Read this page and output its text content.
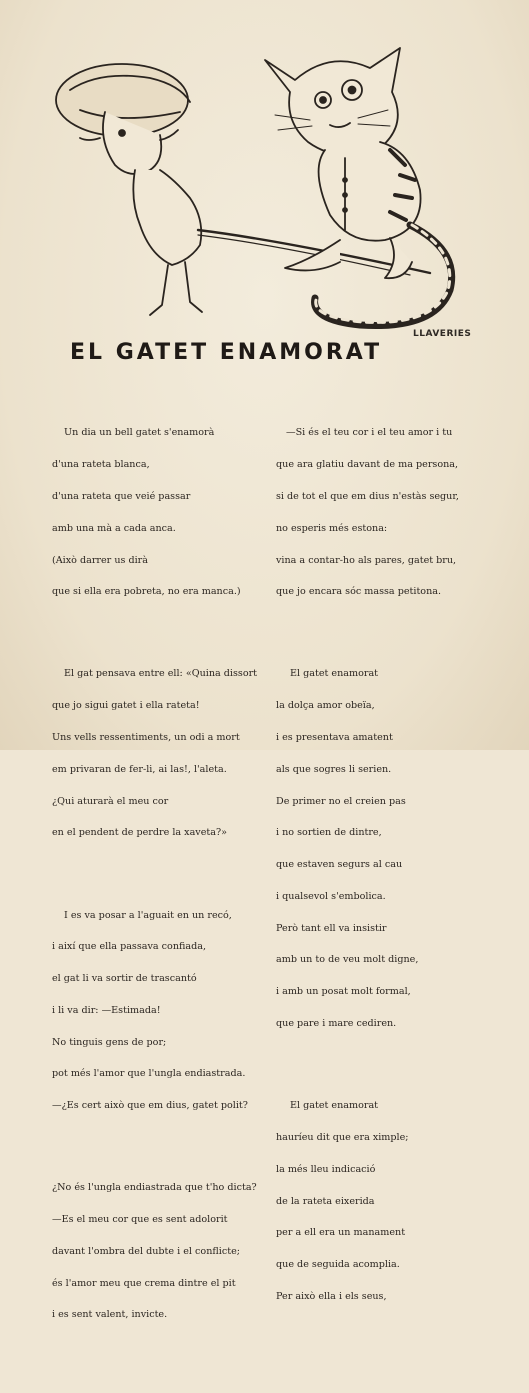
LLAVERIES
EL GATET ENAMORAT

Un dia un bell gatet s'enamorà

d'una rateta blanca,

d'una rateta que veié passar

amb una mà a cada anca.

(Això darrer us dirà

que si ella era pobreta, no era manca.)

El gat pensava entre ell: «Quina dissort

que jo sigui gatet i ella rateta!

Uns vells ressentiments, un odi a mort

em privaran de fer-li, ai las!, l'aleta.

¿Qui aturarà el meu cor

en el pendent de perdre la xaveta?»

I es va posar a l'aguait en un recó,

i així que ella passava confiada,

el gat li va sortir de trascantó

i li va dir: —Estimada!

No tinguis gens de por;

pot més l'amor que l'ungla endiastrada.

—¿Es cert això que em dius, gatet polit?

¿No és l'ungla endiastrada que t'ho dicta?

—Es el meu cor que es sent adolorit

davant l'ombra del dubte i el conflicte;

és l'amor meu que crema dintre el pit

i es sent valent, invicte.

—Si és el teu cor i el teu amor i tu

que ara glatiu davant de ma persona,

si de tot el que em dius n'estàs segur,

no esperis més estona:

vina a contar-ho als pares, gatet bru,

que jo encara sóc massa petitona.

El gatet enamorat

la dolça amor obeïa,

i es presentava amatent

als que sogres li serien.

De primer no el creien pas

i no sortien de dintre,

que estaven segurs al cau

i qualsevol s'embolica.

Però tant ell va insistir

amb un to de veu molt digne,

i amb un posat molt formal,

que pare i mare cediren.

El gatet enamorat

hauríeu dit que era ximple;

la més lleu indicació

de la rateta eixerida

per a ell era un manament

que de seguida acomplia.

Per això ella i els seus,
